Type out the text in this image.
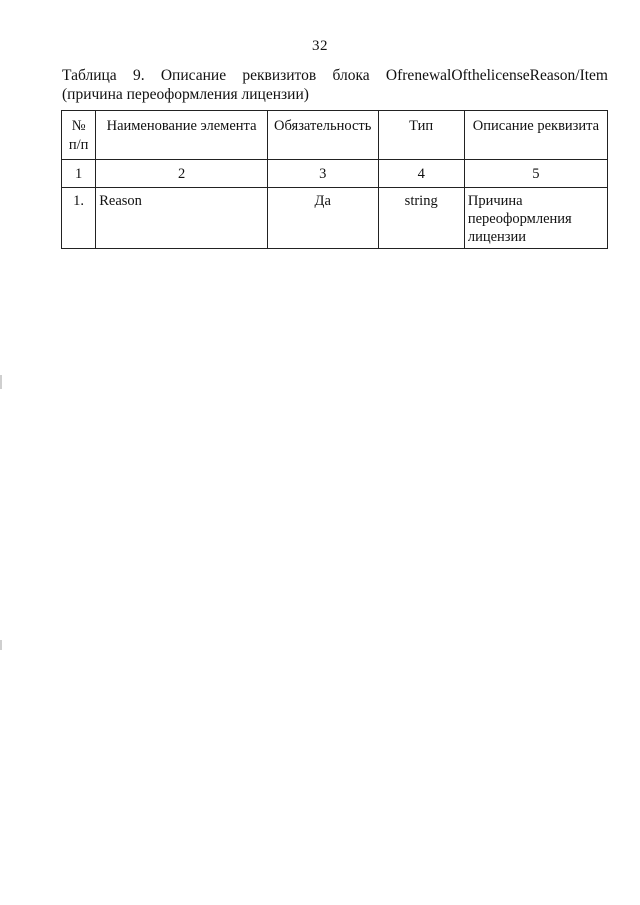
32
Таблица 9. Описание реквизитов блока OfrenewalOfthelicenseReason/Item (причина переоформления лицензии)
№ п/п	Наименование элемента	Обязательность	Тип	Описание реквизита
1	2	3	4	5
1.	Reason	Да	string	Причина переоформления лицензии
